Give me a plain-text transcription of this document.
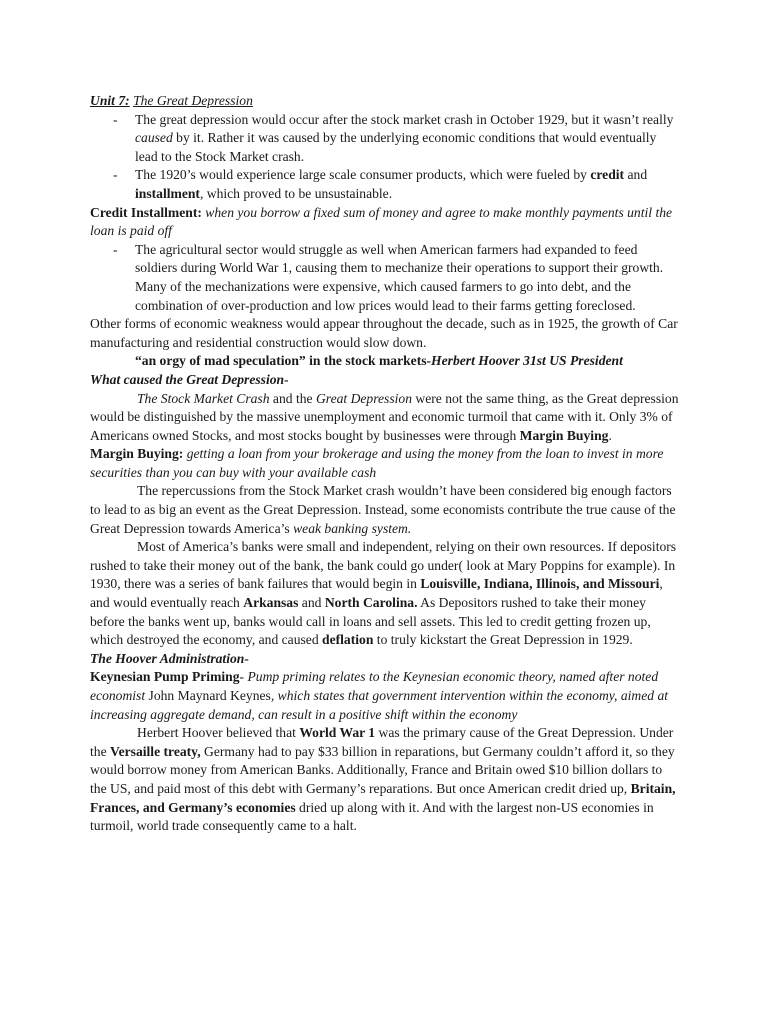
Unit 7: The Great Depression

- The great depression would occur after the stock market crash in October 1929, but it wasn’t really caused by it. Rather it was caused by the underlying economic conditions that would eventually lead to the Stock Market crash.

- The 1920’s would experience large scale consumer products, which were fueled by credit and installment, which proved to be unsustainable.

Credit Installment: when you borrow a fixed sum of money and agree to make monthly payments until the loan is paid off

- The agricultural sector would struggle as well when American farmers had expanded to feed soldiers during World War 1, causing them to mechanize their operations to support their growth. Many of the mechanizations were expensive, which caused farmers to go into debt, and the combination of over-production and low prices would lead to their farms getting foreclosed.

Other forms of economic weakness would appear throughout the decade, such as in 1925, the growth of Car manufacturing and residential construction would slow down.

“an orgy of mad speculation” in the stock markets-Herbert Hoover 31st US President

What caused the Great Depression-

The Stock Market Crash and the Great Depression were not the same thing, as the Great depression would be distinguished by the massive unemployment and economic turmoil that came with it. Only 3% of Americans owned Stocks, and most stocks bought by businesses were through Margin Buying.

Margin Buying: getting a loan from your brokerage and using the money from the loan to invest in more securities than you can buy with your available cash

The repercussions from the Stock Market crash wouldn’t have been considered big enough factors to lead to as big an event as the Great Depression. Instead, some economists contribute the true cause of the Great Depression towards America’s weak banking system.

Most of America’s banks were small and independent, relying on their own resources. If depositors rushed to take their money out of the bank, the bank could go under( look at Mary Poppins for example). In 1930, there was a series of bank failures that would begin in Louisville, Indiana, Illinois, and Missouri, and would eventually reach Arkansas and North Carolina. As Depositors rushed to take their money before the banks went up, banks would call in loans and sell assets. This led to credit getting frozen up, which destroyed the economy, and caused deflation to truly kickstart the Great Depression in 1929.

The Hoover Administration-

Keynesian Pump Priming- Pump priming relates to the Keynesian economic theory, named after noted economist John Maynard Keynes, which states that government intervention within the economy, aimed at increasing aggregate demand, can result in a positive shift within the economy

Herbert Hoover believed that World War 1 was the primary cause of the Great Depression. Under the Versaille treaty, Germany had to pay $33 billion in reparations, but Germany couldn’t afford it, so they would borrow money from American Banks. Additionally, France and Britain owed $10 billion dollars to the US, and paid most of this debt with Germany’s reparations. But once American credit dried up, Britain, Frances, and Germany’s economies dried up along with it. And with the largest non-US economies in turmoil, world trade consequently came to a halt.
